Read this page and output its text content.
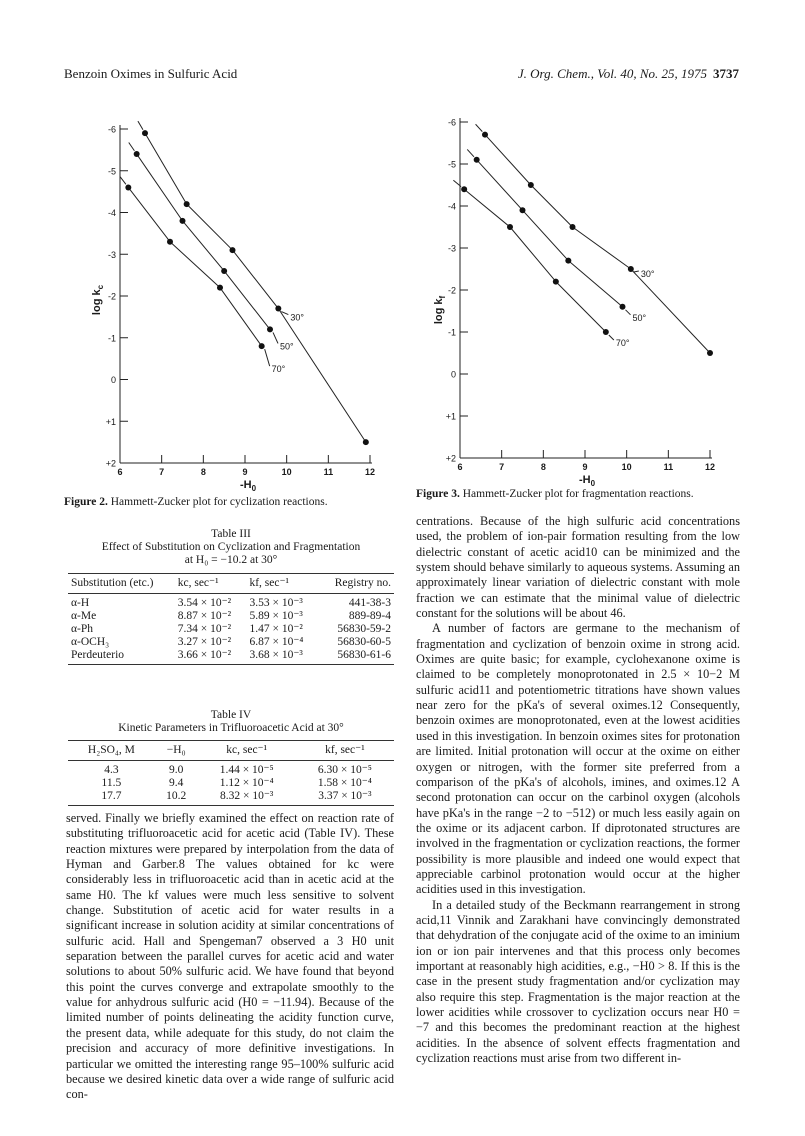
Benzoin Oximes in Sulfuric Acid	J. Org. Chem., Vol. 40, No. 25, 1975 3737
-6
-5
-4
-3
-2
-1
0
+1
+2
6	7	8	9	10	11	12
30°
50°
70°
$\log k_c$
$-H_0$
Figure 2. Hammett-Zucker plot for cyclization reactions.
-6
-5
-4
-3
-2
-1
0
+1
+2
6	7	8	9	10	11	12
30°
50°
70°
$\log k_f$
$-H_0$
Figure 3. Hammett-Zucker plot for fragmentation reactions.
Table III
Effect of Substitution on Cyclization and Fragmentation
at H₀ = −10.2 at 30°
Substitution (etc.)	kc, sec⁻¹	kf, sec⁻¹	Registry no.
α-H	3.54 × 10⁻²	3.53 × 10⁻³	441-38-3
α-Me	8.87 × 10⁻²	5.89 × 10⁻³	889-89-4
α-Ph	7.34 × 10⁻²	1.47 × 10⁻²	56830-59-2
α-OCH₃	3.27 × 10⁻²	6.87 × 10⁻⁴	56830-60-5
Perdeuterio	3.66 × 10⁻²	3.68 × 10⁻³	56830-61-6
Table IV
Kinetic Parameters in Trifluoroacetic Acid at 30°
H₂SO₄, M	−H₀	kc, sec⁻¹	kf, sec⁻¹
4.3	9.0	1.44 × 10⁻⁵	6.30 × 10⁻⁵
11.5	9.4	1.12 × 10⁻⁴	1.58 × 10⁻⁴
17.7	10.2	8.32 × 10⁻³	3.37 × 10⁻³

served. Finally we briefly examined the effect on reaction rate of substituting trifluoroacetic acid for acetic acid (Table IV). These reaction mixtures were prepared by interpolation from the data of Hyman and Garber.8 The values obtained for kc were considerably less in trifluoroacetic acid than in acetic acid at the same H0. The kf values were much less sensitive to solvent change. Substitution of acetic acid for water results in a significant increase in solution acidity at similar concentrations of sulfuric acid. Hall and Spengeman7 observed a 3 H0 unit separation between the parallel curves for acetic acid and water solutions to about 50% sulfuric acid. We have found that beyond this point the curves converge and extrapolate smoothly to the value for anhydrous sulfuric acid (H0 = −11.94). Because of the limited number of points delineating the acidity function curve, the present data, while adequate for this study, do not claim the precision and accuracy of more definitive investigations. In particular we omitted the interesting range 95–100% sulfuric acid because we desired kinetic data over a wide range of sulfuric acid con-

centrations. Because of the high sulfuric acid concentrations used, the problem of ion-pair formation resulting from the low dielectric constant of acetic acid10 can be minimized and the system should behave similarly to aqueous systems. Assuming an approximately linear variation of dielectric constant with mole fraction we can estimate that the minimal value of dielectric constant for the solutions will be about 46.

A number of factors are germane to the mechanism of fragmentation and cyclization of benzoin oxime in strong acid. Oximes are quite basic; for example, cyclohexanone oxime is claimed to be completely monoprotonated in 2.5 × 10−2 M sulfuric acid11 and potentiometric titrations have shown values near zero for the pKa's of several oximes.12 Consequently, benzoin oximes are monoprotonated, even at the lowest acidities used in this investigation. In benzoin oximes sites for protonation are limited. Initial protonation will occur at the oxime on either oxygen or nitrogen, with the former site preferred from a comparison of the pKa's of alcohols, imines, and oximes.12 A second protonation can occur on the carbinol oxygen (alcohols have pKa's in the range −2 to −512) or much less easily again on the oxime or its adjacent carbon. If diprotonated structures are involved in the fragmentation or cyclization reactions, the former possibility is more plausible and indeed one would expect that appreciable carbinol protonation would occur at the higher acidities used in this investigation.

In a detailed study of the Beckmann rearrangement in strong acid,11 Vinnik and Zarakhani have convincingly demonstrated that dehydration of the conjugate acid of the oxime to an iminium ion or ion pair intervenes and that this process only becomes important at reasonably high acidities, e.g., −H0 > 8. If this is the case in the present study fragmentation and/or cyclization may also require this step. Fragmentation is the major reaction at the lower acidities while crossover to cyclization occurs near H0 = −7 and this becomes the predominant reaction at the highest acidities. In the absence of solvent effects fragmentation and cyclization reactions must arise from two different in-
